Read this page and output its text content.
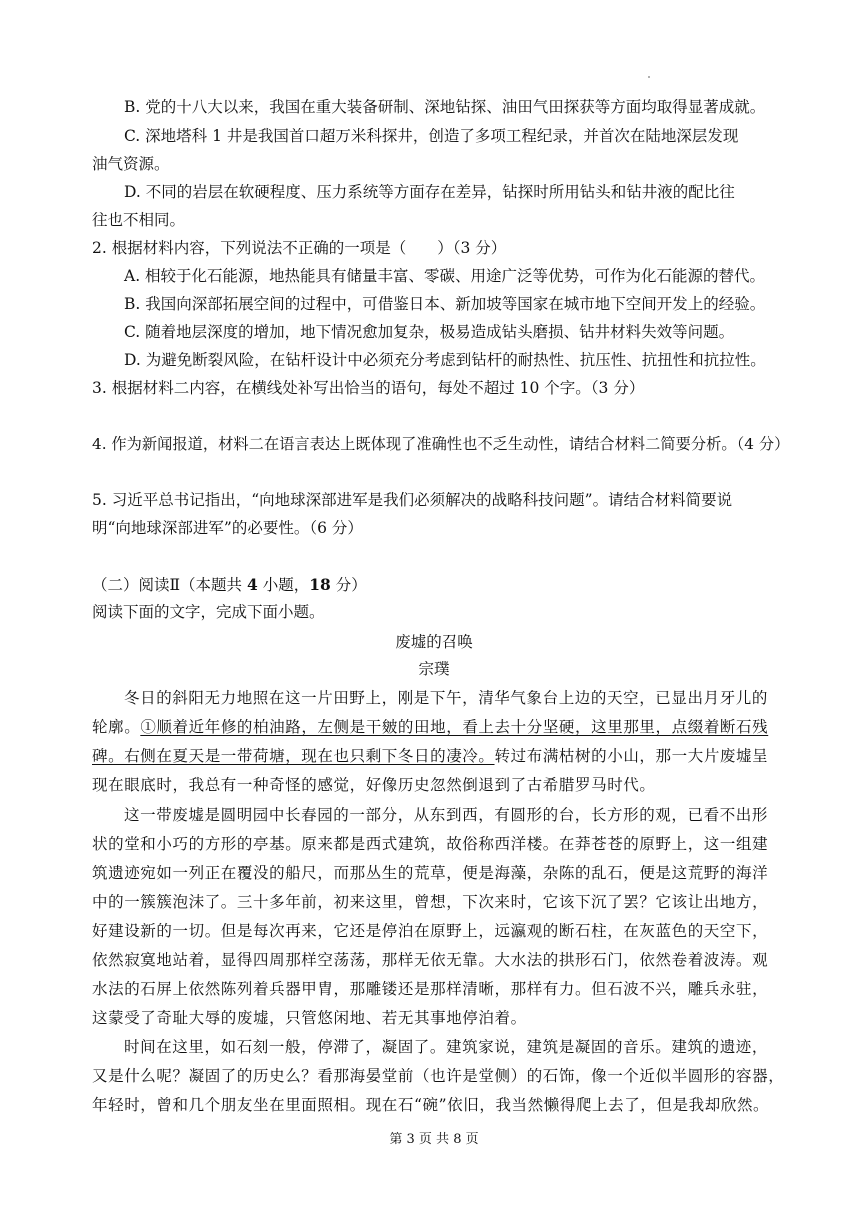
B. 党的十八大以来，我国在重大装备研制、深地钻探、油田气田探获等方面均取得显著成就。
C. 深地塔科 1 井是我国首口超万米科探井，创造了多项工程纪录，并首次在陆地深层发现
油气资源。
D. 不同的岩层在软硬程度、压力系统等方面存在差异，钻探时所用钻头和钻井液的配比往
往也不相同。
2. 根据材料内容，下列说法不正确的一项是（　　）（3 分）
A. 相较于化石能源，地热能具有储量丰富、零碳、用途广泛等优势，可作为化石能源的替代。
B. 我国向深部拓展空间的过程中，可借鉴日本、新加坡等国家在城市地下空间开发上的经验。
C. 随着地层深度的增加，地下情况愈加复杂，极易造成钻头磨损、钻井材料失效等问题。
D. 为避免断裂风险，在钻杆设计中必须充分考虑到钻杆的耐热性、抗压性、抗扭性和抗拉性。
3. 根据材料二内容，在横线处补写出恰当的语句，每处不超过 10 个字。（3 分）
4. 作为新闻报道，材料二在语言表达上既体现了准确性也不乏生动性，请结合材料二简要分析。（4 分）
5. 习近平总书记指出，“向地球深部进军是我们必须解决的战略科技问题”。请结合材料简要说
明“向地球深部进军”的必要性。（6 分）
（二）阅读Ⅱ（本题共 4 小题，18 分）
阅读下面的文字，完成下面小题。
废墟的召唤
宗璞
冬日的斜阳无力地照在这一片田野上，刚是下午，清华气象台上边的天空，已显出月牙儿的
轮廓。①顺着近年修的柏油路，左侧是干皴的田地，看上去十分坚硬，这里那里，点缀着断石残
碑。右侧在夏天是一带荷塘，现在也只剩下冬日的凄冷。转过布满枯树的小山，那一大片废墟呈
现在眼底时，我总有一种奇怪的感觉，好像历史忽然倒退到了古希腊罗马时代。
这一带废墟是圆明园中长春园的一部分，从东到西，有圆形的台，长方形的观，已看不出形
状的堂和小巧的方形的亭基。原来都是西式建筑，故俗称西洋楼。在莽苍苍的原野上，这一组建
筑遗迹宛如一列正在覆没的船尺，而那丛生的荒草，便是海藻，杂陈的乱石，便是这荒野的海洋
中的一簇簇泡沫了。三十多年前，初来这里，曾想，下次来时，它该下沉了罢？它该让出地方，
好建设新的一切。但是每次再来，它还是停泊在原野上，远瀛观的断石柱，在灰蓝色的天空下，
依然寂寞地站着，显得四周那样空荡荡，那样无依无靠。大水法的拱形石门，依然卷着波涛。观
水法的石屏上依然陈列着兵器甲胄，那雕镂还是那样清晰，那样有力。但石波不兴，雕兵永驻，
这蒙受了奇耻大辱的废墟，只管悠闲地、若无其事地停泊着。
时间在这里，如石刻一般，停滞了，凝固了。建筑家说，建筑是凝固的音乐。建筑的遗迹，
又是什么呢？凝固了的历史么？看那海晏堂前（也许是堂侧）的石饰，像一个近似半圆形的容器，
年轻时，曾和几个朋友坐在里面照相。现在石“碗”依旧，我当然懒得爬上去了，但是我却欣然。
第 3 页 共 8 页
